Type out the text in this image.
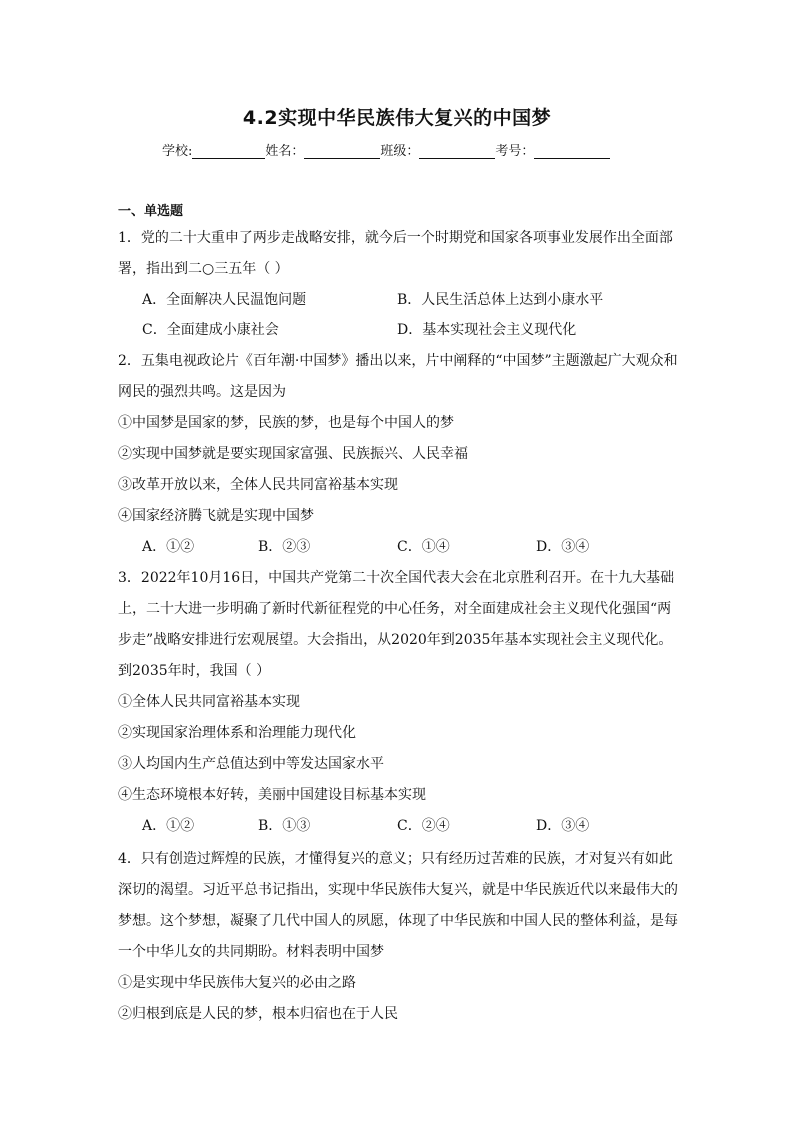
4.2实现中华民族伟大复兴的中国梦
学校:	姓名：	班级：	考号：
一、单选题
1．党的二十大重申了两步走战略安排，就今后一个时期党和国家各项事业发展作出全面部
署，指出到二○三五年（ ）
A．全面解决人民温饱问题	B．人民生活总体上达到小康水平
C．全面建成小康社会	D．基本实现社会主义现代化
2．五集电视政论片《百年潮·中国梦》播出以来，片中阐释的“中国梦”主题激起广大观众和
网民的强烈共鸣。这是因为
①中国梦是国家的梦，民族的梦，也是每个中国人的梦
②实现中国梦就是要实现国家富强、民族振兴、人民幸福
③改革开放以来，全体人民共同富裕基本实现
④国家经济腾飞就是实现中国梦
A．①②	B．②③	C．①④	D．③④
3．2022年10月16日，中国共产党第二十次全国代表大会在北京胜利召开。在十九大基础
上，二十大进一步明确了新时代新征程党的中心任务，对全面建成社会主义现代化强国“两
步走”战略安排进行宏观展望。大会指出，从2020年到2035年基本实现社会主义现代化。
到2035年时，我国（ ）
①全体人民共同富裕基本实现
②实现国家治理体系和治理能力现代化
③人均国内生产总值达到中等发达国家水平
④生态环境根本好转，美丽中国建设目标基本实现
A．①②	B．①③	C．②④	D．③④
4．只有创造过辉煌的民族，才懂得复兴的意义；只有经历过苦难的民族，才对复兴有如此
深切的渴望。习近平总书记指出，实现中华民族伟大复兴，就是中华民族近代以来最伟大的
梦想。这个梦想，凝聚了几代中国人的夙愿，体现了中华民族和中国人民的整体利益，是每
一个中华儿女的共同期盼。材料表明中国梦
①是实现中华民族伟大复兴的必由之路
②归根到底是人民的梦，根本归宿也在于人民
